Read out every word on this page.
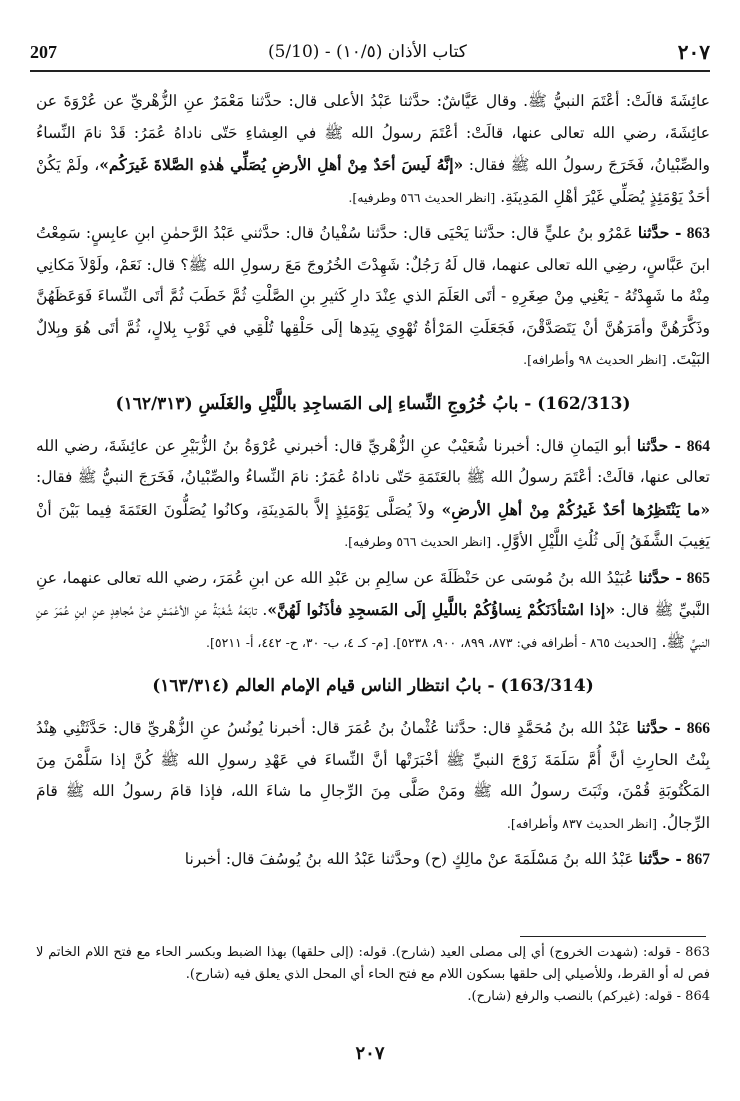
207	كتاب الأذان (١٠/٥) - (5/10)	٢٠٧

عائِشَةَ قالَتْ: أعْتَمَ النبيُّ ﷺ. وقال عَيَّاشٌ: حدَّثنا عَبْدُ الأعلى قال: حدَّثنا مَعْمَرٌ عنِ الزُّهْريِّ عن عُرْوَةَ عن عائِشَةَ، رضي الله تعالى عنها، قالَتْ: أعْتَمَ رسولُ الله ﷺ في العِشاءِ حَتّى ناداهُ عُمَرُ: قَدْ نامَ النِّساءُ والصِّبْيانُ، فَخَرَجَ رسولُ الله ﷺ فقال: «إنَّهُ لَيسَ أحَدٌ مِنْ أهلِ الأرضِ يُصَلِّي هٰذهِ الصَّلاةَ غَيرَكُم»، ولَمْ يَكُنْ أحَدٌ يَوْمَئِذٍ يُصَلِّي غَيْرَ أهْلِ المَدِينَةِ. [انظر الحديث ٥٦٦ وطرفيه].

863 - حدَّثنا عَمْرُو بنُ عليٍّ قال: حدَّثنا يَحْيَى قال: حدَّثنا سُفْيانُ قال: حدَّثني عَبْدُ الرَّحمٰنِ ابنِ عابِسٍ: سَمِعْتُ ابنَ عَبَّاسٍ، رضِي الله تعالى عنهما، قال لَهُ رَجُلٌ: شَهِدْتَ الخُرُوجَ مَعَ رسولِ الله ﷺ؟ قال: نَعَمْ، ولَوْلاَ مَكانِي مِنْهُ ما شَهِدْتُهُ - يَعْنِي مِنْ صِغَرِهِ - أتَى العَلَمَ الذي عِنْدَ دارِ كَثيرِ بنِ الصَّلْتِ ثُمَّ خَطَبَ ثُمَّ أتَى النِّساءَ فَوَعَظَهُنَّ وذَكَّرَهُنَّ وأمَرَهُنَّ أنْ يَتَصَدَّقْنَ، فَجَعَلَتِ المَرْأةُ تُهْوِي بِيَدِها إلَى حَلْقِها تُلْقِي في ثَوْبِ بِلالٍ، ثُمَّ أتَى هُوَ وبِلالٌ البَيْتَ. [انظر الحديث ٩٨ وأطرافه].

(162/313) - بابُ خُرُوجِ النِّساءِ إلى المَساجِدِ باللَّيْلِ والغَلَسِ (١٦٢/٣١٣)

864 - حدَّثنا أبو اليَمانِ قال: أخبرنا شُعَيْبٌ عنِ الزُّهْريِّ قال: أخبرني عُرْوَةُ بنُ الزُّبَيْرِ عن عائِشَةَ، رضي الله تعالى عنها، قالَتْ: أعْتَمَ رسولُ الله ﷺ بالعَتَمَةِ حَتّى ناداهُ عُمَرُ: نامَ النِّساءُ والصِّبْيانُ، فَخَرَجَ النبيُّ ﷺ فقال: «ما يَنْتَظِرُها أحَدٌ غَيرُكُمْ مِنْ أهلِ الأرضِ» ولاَ يُصَلَّى يَوْمَئِذٍ إلاَّ بالمَدِينَةِ، وكانُوا يُصَلُّونَ العَتَمَةَ فِيما بَيْنَ أنْ يَغِيبَ الشَّفَقُ إلَى ثُلُثِ اللَّيْلِ الأوَّلِ. [انظر الحديث ٥٦٦ وطرفيه].

865 - حدَّثنا عُبَيْدُ الله بنُ مُوسَى عن حَنْظَلَةَ عن سالِمِ بن عَبْدِ الله عن ابنِ عُمَرَ، رضي الله تعالى عنهما، عنِ النَّبيِّ ﷺ قال: «إذا اسْتأذَنَكُمْ نِساؤُكُمْ باللَّيلِ إلَى المَسجِدِ فأذَنُوا لَهُنَّ». تابَعَهُ شُعْبَةُ عنِ الأعْمَشِ عنْ مُجاهِدٍ عنِ ابنِ عُمَرَ عنِ النبيِّ ﷺ. [الحديث ٨٦٥ - أطرافه في: ٨٧٣، ٨٩٩، ٩٠٠، ٥٢٣٨]. [م- كـ ٤، ب- ٣٠، ح- ٤٤٢، أ- ٥٢١١].

(163/314) - بابُ انتظار الناس قيام الإمام العالم (١٦٣/٣١٤)

866 - حدَّثنا عَبْدُ الله بنُ مُحَمَّدٍ قال: حدَّثنا عُثْمانُ بنُ عُمَرَ قال: أخبرنا يُونُسُ عنِ الزُّهْريِّ قال: حَدَّثَتْنِي هِنْدُ بِنْتُ الحارِثِ أنَّ أُمَّ سَلَمَةَ زَوْجَ النبيِّ ﷺ أخْبَرَتْها أنَّ النِّساءَ في عَهْدِ رسولِ الله ﷺ كُنَّ إذا سَلَّمْنَ مِنَ المَكْتُوبَةِ قُمْنَ، وثَبَتَ رسولُ الله ﷺ ومَنْ صَلَّى مِنَ الرِّجالِ ما شاءَ الله، فإذا قامَ رسولُ الله ﷺ قامَ الرِّجالُ. [انظر الحديث ٨٣٧ وأطرافه].

867 - حدَّثنا عَبْدُ الله بنُ مَسْلَمَةَ عنْ مالِكٍ (ح) وحدَّثنا عَبْدُ الله بنُ يُوسُفَ قال: أخبرنا

863 - قوله: (شهدت الخروج) أي إلى مصلى العيد (شارح). قوله: (إلى حلقها) بهذا الضبط وبكسر الحاء مع فتح اللام الخاتم لا فص له أو القرط، وللأصيلي إلى حلقها بسكون اللام مع فتح الحاء أي المحل الذي يعلق فيه (شارح).

864 - قوله: (غيركم) بالنصب والرفع (شارح).

٢٠٧
